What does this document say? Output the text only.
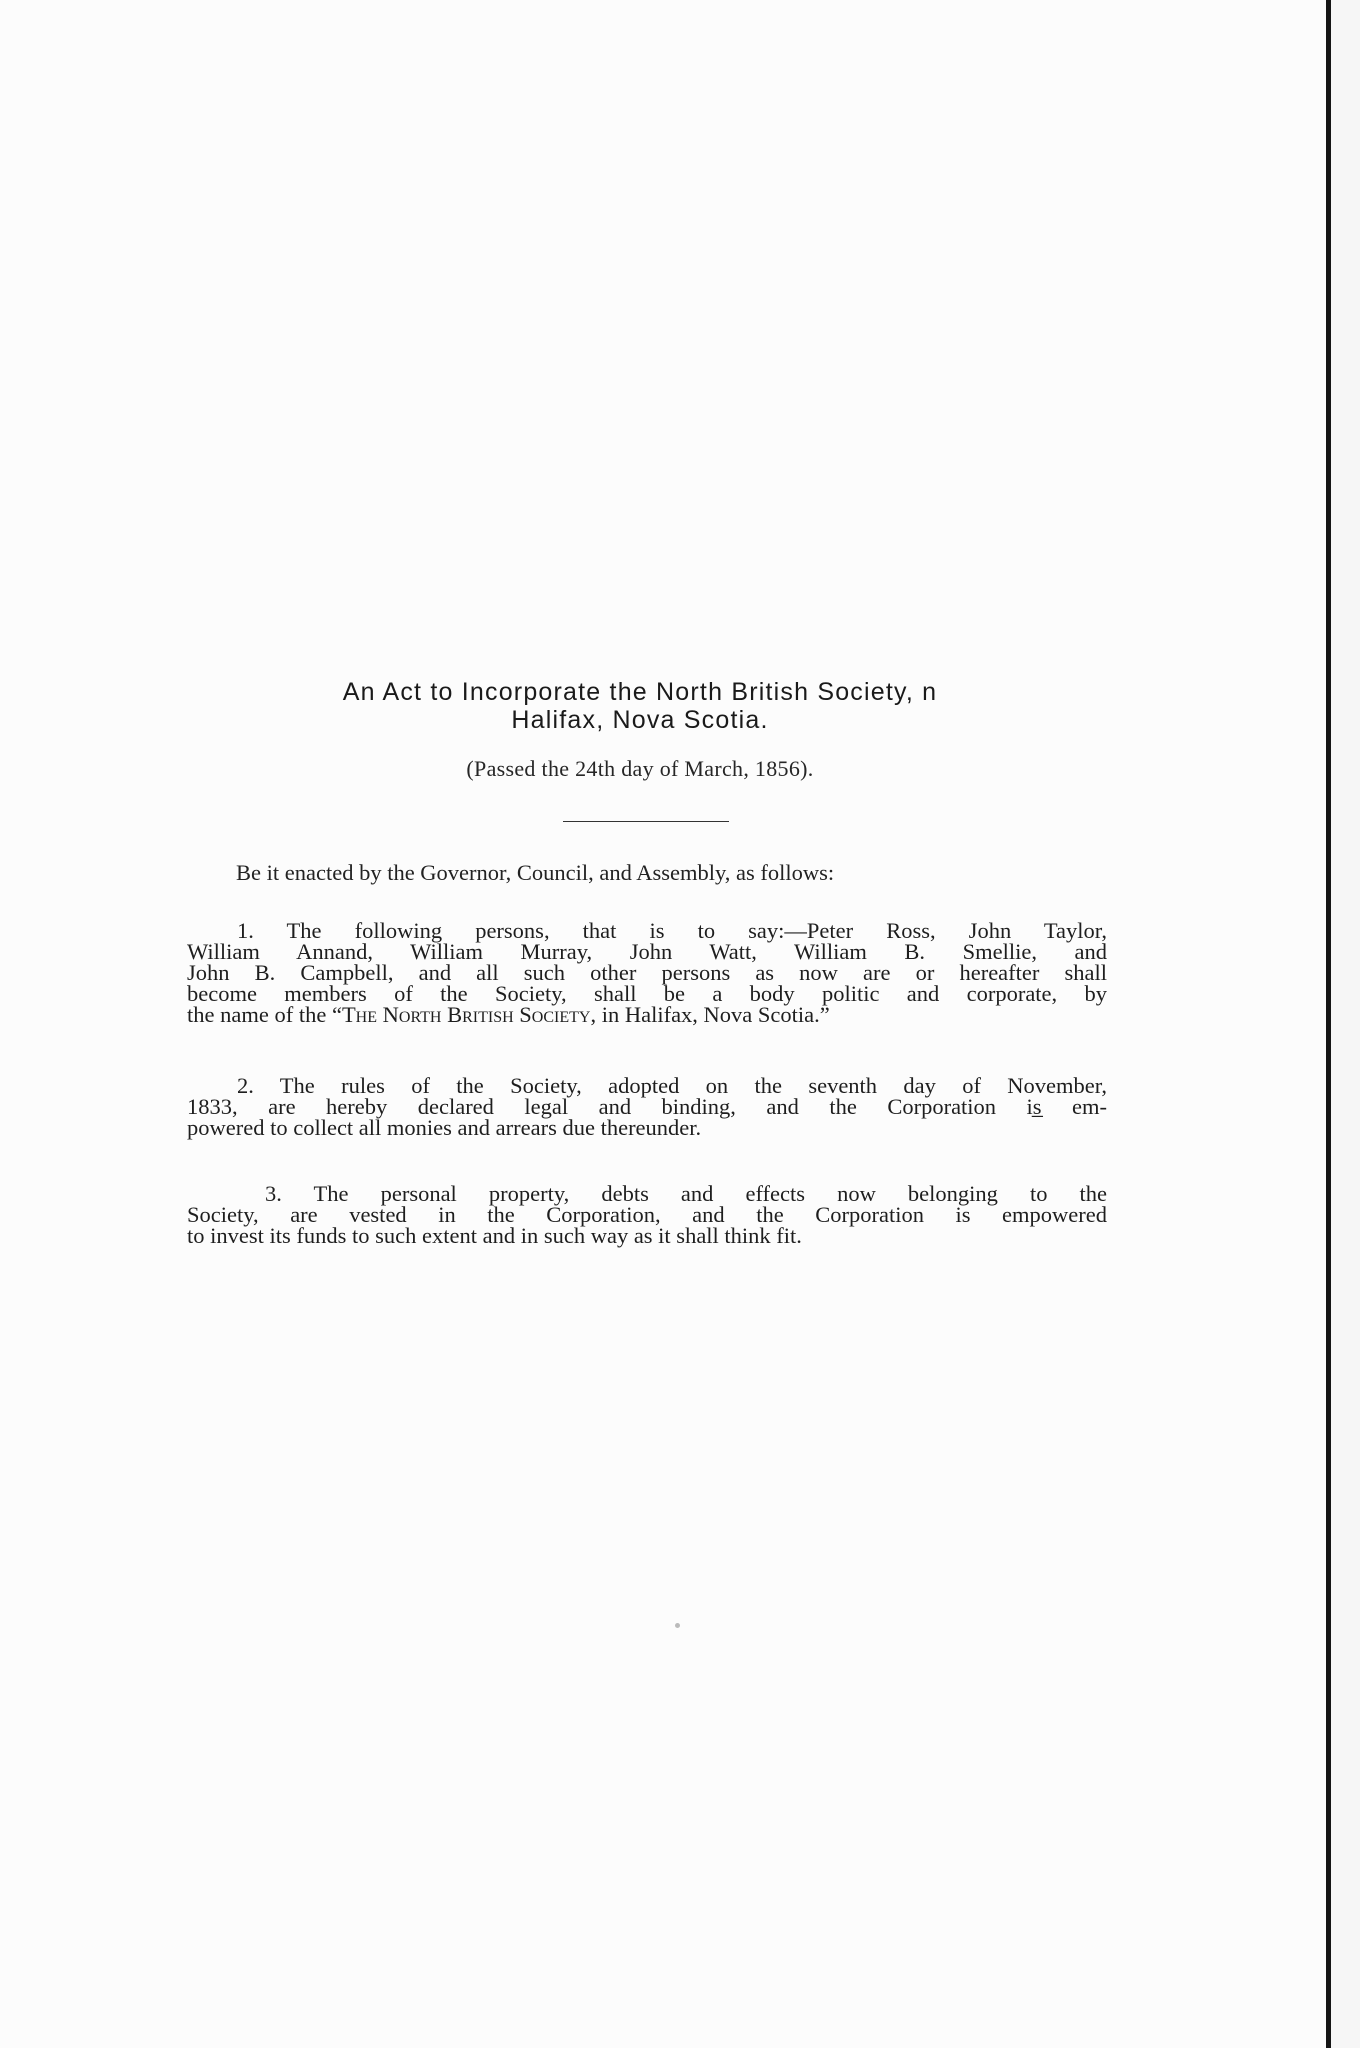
An Act to Incorporate the North British Society, n
Halifax, Nova Scotia.
(Passed the 24th day of March, 1856).
Be it enacted by the Governor, Council, and Assembly, as follows:
1. The following persons, that is to say:—Peter Ross, John Taylor,
William Annand, William Murray, John Watt, William B. Smellie, and
John B. Campbell, and all such other persons as now are or hereafter shall
become members of the Society, shall be a body politic and corporate, by
the name of the “The North British Society, in Halifax, Nova Scotia.”
2. The rules of the Society, adopted on the seventh day of November,
1833, are hereby declared legal and binding, and the Corporation is̲ em-
powered to collect all monies and arrears due thereunder.
3. The personal property, debts and effects now belonging to the
Society, are vested in the Corporation, and the Corporation is empowered
to invest its funds to such extent and in such way as it shall think fit.
